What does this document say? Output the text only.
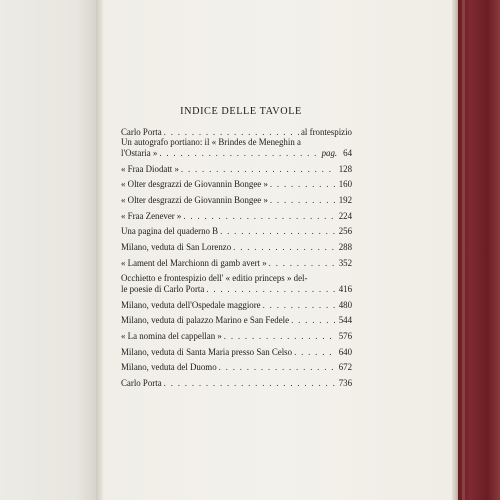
INDICE DELLE TAVOLE
Carlo Porta . . .	al frontespizio
Un autografo portiano: il « Brindes de Meneghin a
l'Ostaria » . . .	pag. 64
« Fraa Diodatt » . . .	128
« Olter desgrazzi de Giovannin Bongee » . . .	160
« Olter desgrazzi de Giovannin Bongee » . . .	192
« Fraa Zenever » . . .	224
Una pagina del quaderno B . . .	256
Milano, veduta di San Lorenzo . . .	288
« Lament del Marchionn di gamb avert » . . .	352
Occhietto e frontespizio dell' « editio princeps » del-
le poesie di Carlo Porta . . .	416
Milano, veduta dell'Ospedale maggiore . . .	480
Milano, veduta di palazzo Marino e San Fedele . . .	544
« La nomina del cappellan » . . .	576
Milano, veduta di Santa Maria presso San Celso . . .	640
Milano, veduta del Duomo . . .	672
Carlo Porta . . .	736
